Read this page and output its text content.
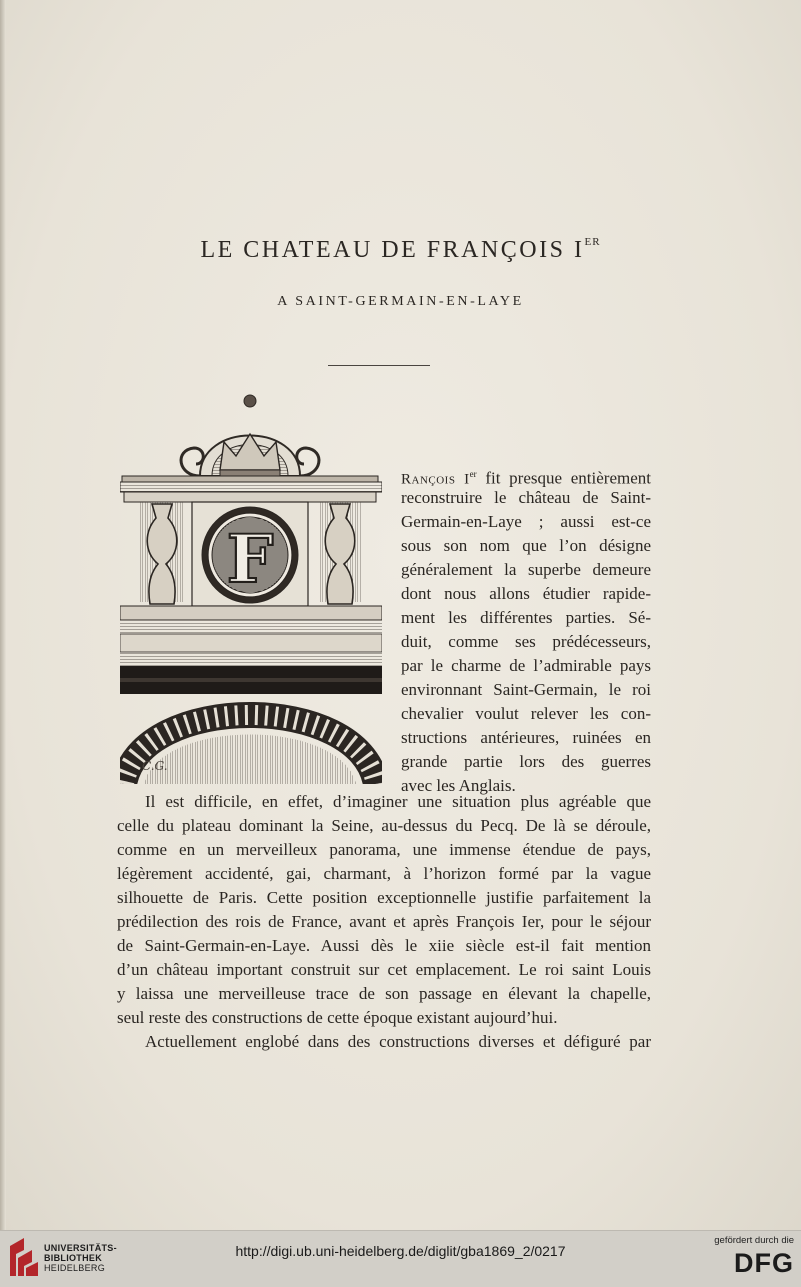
LE CHATEAU DE FRANÇOIS IER
A SAINT-GERMAIN-EN-LAYE
F
C.G.
Rançois Ier fit presque entièrement
reconstruire le château de Saint-
Germain-en-Laye ; aussi est-ce
sous son nom que l’on désigne
généralement la superbe demeure
dont nous allons étudier rapide-
ment les différentes parties. Sé-
duit, comme ses prédécesseurs,
par le charme de l’admirable pays
environnant Saint-Germain, le roi
chevalier voulut relever les con-
structions antérieures, ruinées en
grande partie lors des guerres
avec les Anglais.
Il est difficile, en effet, d’imaginer une situation plus agréable que
celle du plateau dominant la Seine, au-dessus du Pecq. De là se déroule,
comme en un merveilleux panorama, une immense étendue de pays,
légèrement accidenté, gai, charmant, à l’horizon formé par la vague
silhouette de Paris. Cette position exceptionnelle justifie parfaitement la
prédilection des rois de France, avant et après François Ier, pour le séjour
de Saint-Germain-en-Laye. Aussi dès le xiie siècle est-il fait mention
d’un château important construit sur cet emplacement. Le roi saint Louis
y laissa une merveilleuse trace de son passage en élevant la chapelle,
seul reste des constructions de cette époque existant aujourd’hui.
Actuellement englobé dans des constructions diverses et défiguré par
UNIVERSITÄTS-
BIBLIOTHEK
HEIDELBERG
http://digi.ub.uni-heidelberg.de/diglit/gba1869_2/0217
gefördert durch die
DFG
